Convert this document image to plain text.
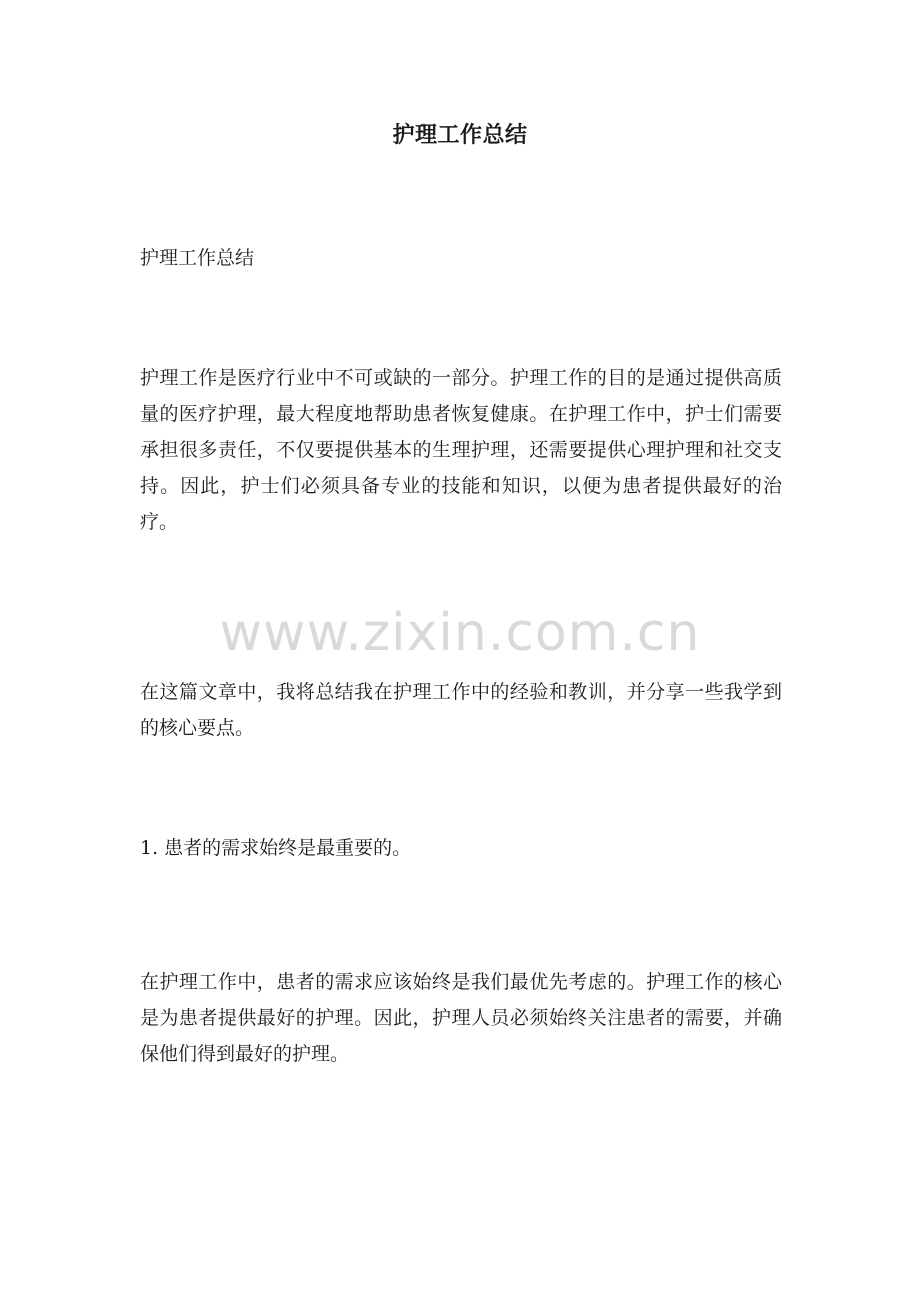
护理工作总结

护理工作总结

护理工作是医疗行业中不可或缺的一部分。护理工作的目的是通过提供高质量的医疗护理，最大程度地帮助患者恢复健康。在护理工作中，护士们需要承担很多责任，不仅要提供基本的生理护理，还需要提供心理护理和社交支持。因此，护士们必须具备专业的技能和知识，以便为患者提供最好的治疗。

www.zixin.com.cn

在这篇文章中，我将总结我在护理工作中的经验和教训，并分享一些我学到的核心要点。

1. 患者的需求始终是最重要的。

在护理工作中，患者的需求应该始终是我们最优先考虑的。护理工作的核心是为患者提供最好的护理。因此，护理人员必须始终关注患者的需要，并确保他们得到最好的护理。
